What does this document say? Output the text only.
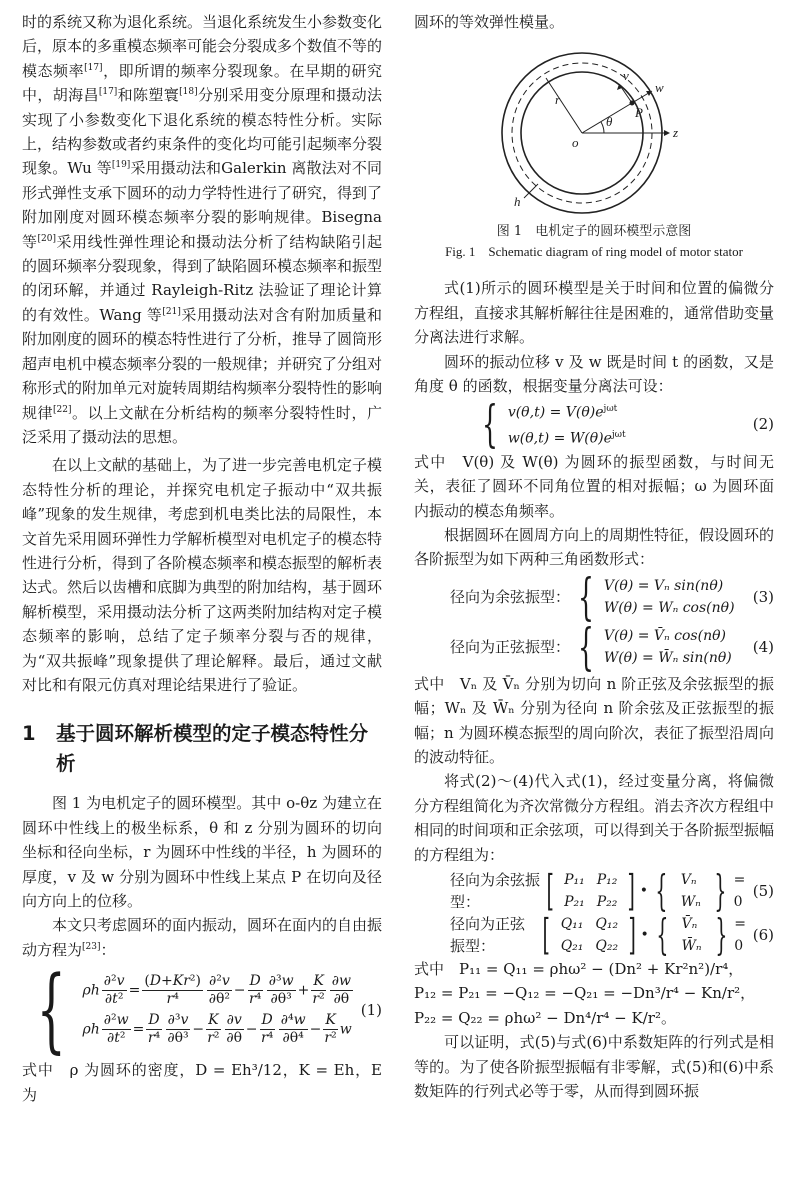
时的系统又称为退化系统。当退化系统发生小参数变化后，原本的多重模态频率可能会分裂成多个数值不等的模态频率[17]，即所谓的频率分裂现象。在早期的研究中，胡海昌[17]和陈塑寰[18]分别采用变分原理和摄动法实现了小参数变化下退化系统的模态特性分析。实际上，结构参数或者约束条件的变化均可能引起频率分裂现象。Wu 等[19]采用摄动法和Galerkin 离散法对不同形式弹性支承下圆环的动力学特性进行了研究，得到了附加刚度对圆环模态频率分裂的影响规律。Bisegna 等[20]采用线性弹性理论和摄动法分析了结构缺陷引起的圆环频率分裂现象，得到了缺陷圆环模态频率和振型的闭环解，并通过 Rayleigh-Ritz 法验证了理论计算的有效性。Wang 等[21]采用摄动法对含有附加质量和附加刚度的圆环的模态特性进行了分析，推导了圆筒形超声电机中模态频率分裂的一般规律；并研究了分组对称形式的附加单元对旋转周期结构频率分裂特性的影响规律[22]。以上文献在分析结构的频率分裂特性时，广泛采用了摄动法的思想。

在以上文献的基础上，为了进一步完善电机定子模态特性分析的理论，并探究电机定子振动中“双共振峰”现象的发生规律，考虑到机电类比法的局限性，本文首先采用圆环弹性力学解析模型对电机定子的模态特性进行分析，得到了各阶模态频率和模态振型的解析表达式。然后以齿槽和底脚为典型的附加结构，基于圆环解析模型，采用摄动法分析了这两类附加结构对定子模态频率的影响，总结了定子频率分裂与否的规律，为“双共振峰”现象提供了理论解释。最后，通过文献对比和有限元仿真对理论结果进行了验证。

1	基于圆环解析模型的定子模态特性分析

图 1 为电机定子的圆环模型。其中 o-θz 为建立在圆环中性线上的极坐标系，θ 和 z 分别为圆环的切向坐标和径向坐标，r 为圆环中性线的半径，h 为圆环的厚度，v 及 w 分别为圆环中性线上某点 P 在切向及径向方向上的位移。

本文只考虑圆环的面内振动，圆环在面内的自由振动方程为[23]：

{ ρh $\frac{\text{∂²v}}{\text{∂t²}} = \frac{\text{(D+Kr²)}}{\text{r⁴}} \frac{\text{∂²v}}{\text{∂θ²}} - \frac{D}{\text{r⁴}} \frac{\text{∂³w}}{\text{∂θ³}} + \frac{K}{\text{r²}} \frac{\partial w}{\partial\theta}$
ρh $\frac{\text{∂²w}}{\text{∂t²}} = \frac{D}{\text{r⁴}} \frac{\text{∂³v}}{\text{∂θ³}} - \frac{K}{\text{r²}} \frac{\partial v}{\partial\theta} - \frac{D}{\text{r⁴}} \frac{\text{∂⁴w}}{\text{∂θ⁴}} - \frac{K}{\text{r²}}$ w
(1)

式中　ρ 为圆环的密度，D = Eh³/12，K = Eh，E 为

圆环的等效弹性模量。

v
w
P
r
o
θ
z
h
图 1　电机定子的圆环模型示意图
Fig. 1　Schematic diagram of ring model of motor stator

式(1)所示的圆环模型是关于时间和位置的偏微分方程组，直接求其解析解往往是困难的，通常借助变量分离法进行求解。

圆环的振动位移 v 及 w 既是时间 t 的函数，又是角度 θ 的函数，根据变量分离法可设：

{ $v(\theta,t) = V(\theta)e^{j\omega t}$
$w(\theta,t) = W(\theta)e^{j\omega t}$
(2)

式中　V(θ) 及 W(θ) 为圆环的振型函数，与时间无关，表征了圆环不同角位置的相对振幅；ω 为圆环面内振动的模态角频率。

根据圆环在圆周方向上的周期性特征，假设圆环的各阶振型为如下两种三角函数形式：

径向为余弦振型： { V(θ) = Vₙ sin(nθ)
W(θ) = Wₙ cos(nθ)
(3)
径向为正弦振型： { V(θ) = V̄ₙ cos(nθ)
W(θ) = W̄ₙ sin(nθ)
(4)

式中　Vₙ 及 V̄ₙ 分别为切向 n 阶正弦及余弦振型的振幅；Wₙ 及 W̄ₙ 分别为径向 n 阶余弦及正弦振型的振幅；n 为圆环模态振型的周向阶次，表征了振型沿周向的波动特征。

将式(2)～(4)代入式(1)，经过变量分离，将偏微分方程组简化为齐次常微分方程组。消去齐次方程组中相同的时间项和正余弦项，可以得到关于各阶振型振幅的方程组为：

径向为余弦振型：	[ P₁₁	P₁₂
P₂₁	P₂₂ ] • { Vₙ
Wₙ } = 0
(5)
径向为正弦振型：	[ Q₁₁	Q₁₂
Q₂₁	Q₂₂ ] • { V̄ₙ
W̄ₙ } = 0
(6)

式中　P₁₁ = Q₁₁ = ρhω² − (Dn² + Kr²n²)/r⁴，

P₁₂ = P₂₁ = −Q₁₂ = −Q₂₁ = −Dn³/r⁴ − Kn/r²，

P₂₂ = Q₂₂ = ρhω² − Dn⁴/r⁴ − K/r²。

可以证明，式(5)与式(6)中系数矩阵的行列式是相等的。为了使各阶振型振幅有非零解，式(5)和(6)中系数矩阵的行列式必等于零，从而得到圆环振
